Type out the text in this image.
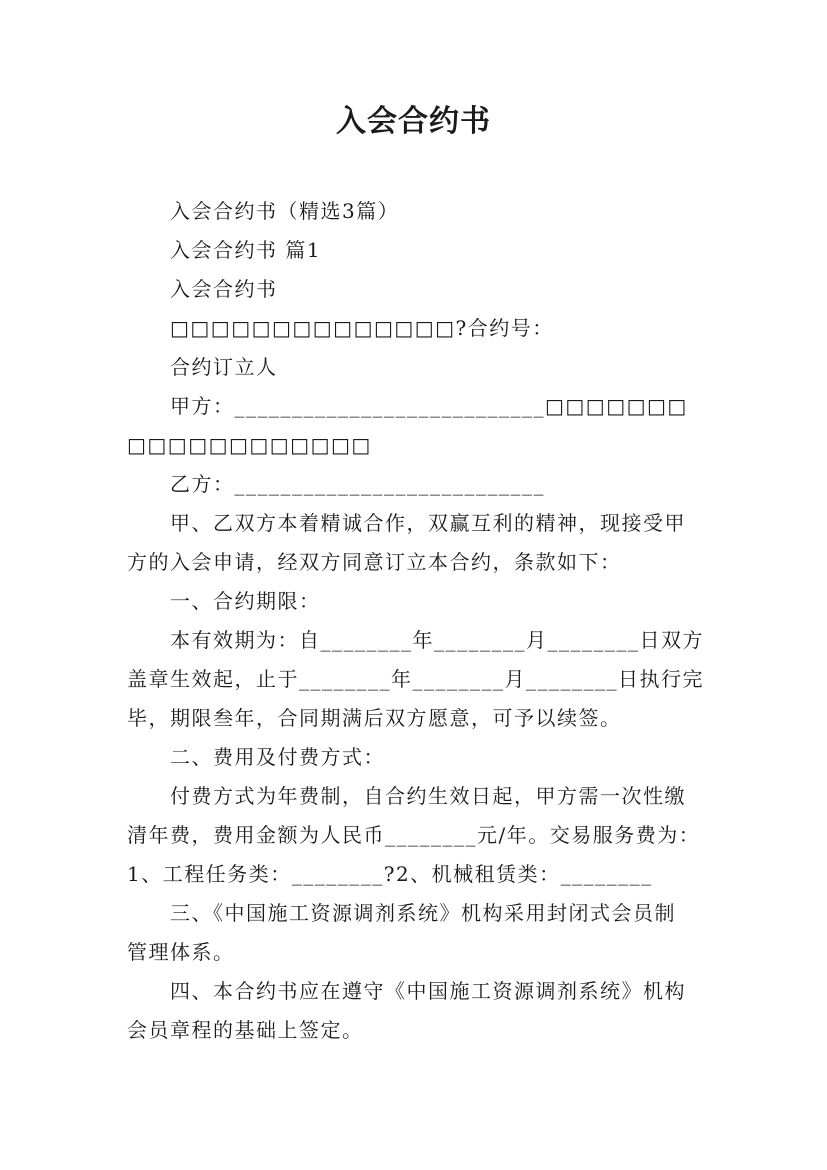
入会合约书
入会合约书（精选3篇）
入会合约书 篇1
入会合约书
□□□□□□□□□□□□□□?合约号：
合约订立人
甲方：___________________________□□□□□□□
□□□□□□□□□□□□
乙方：___________________________
甲、乙双方本着精诚合作，双赢互利的精神，现接受甲
方的入会申请，经双方同意订立本合约，条款如下：
一、合约期限：
本有效期为：自________年________月________日双方
盖章生效起，止于________年________月________日执行完
毕，期限叁年，合同期满后双方愿意，可予以续签。
二、费用及付费方式：
付费方式为年费制，自合约生效日起，甲方需一次性缴
清年费，费用金额为人民币________元/年。交易服务费为：
1、工程任务类：________?2、机械租赁类：________
三、《中国施工资源调剂系统》机构采用封闭式会员制
管理体系。
四、本合约书应在遵守《中国施工资源调剂系统》机构
会员章程的基础上签定。
